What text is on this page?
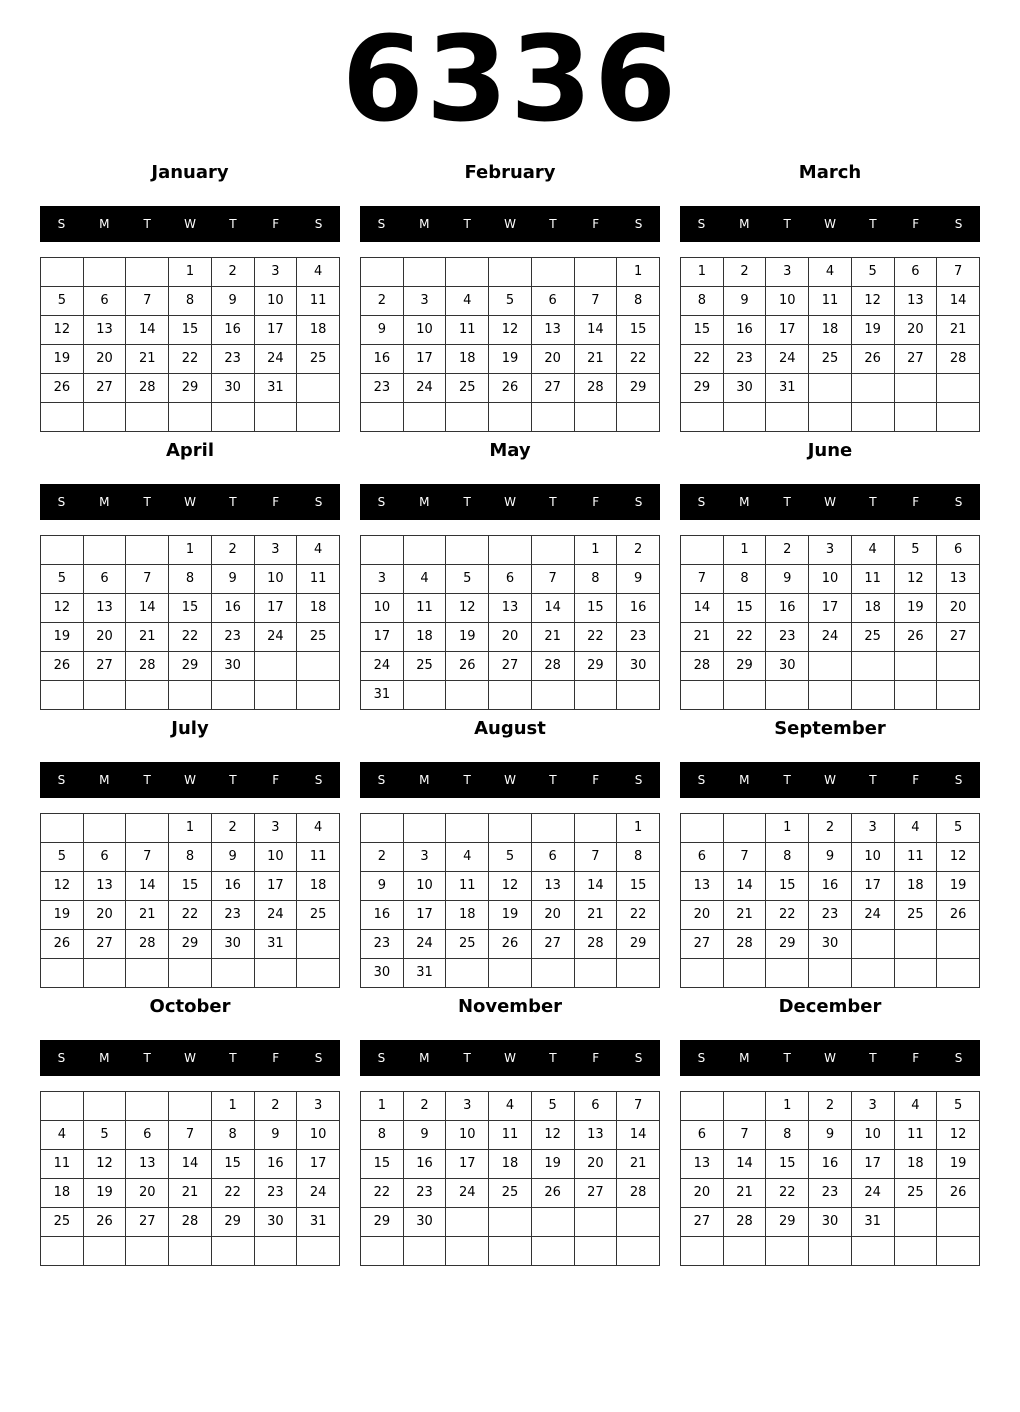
6336
January
S	M	T	W	T	F	S
			1	2	3	4
5	6	7	8	9	10	11
12	13	14	15	16	17	18
19	20	21	22	23	24	25
26	27	28	29	30	31	

February
S	M	T	W	T	F	S
						1
2	3	4	5	6	7	8
9	10	11	12	13	14	15
16	17	18	19	20	21	22
23	24	25	26	27	28	29

March
S	M	T	W	T	F	S
1	2	3	4	5	6	7
8	9	10	11	12	13	14
15	16	17	18	19	20	21
22	23	24	25	26	27	28
29	30	31				

April
S	M	T	W	T	F	S
			1	2	3	4
5	6	7	8	9	10	11
12	13	14	15	16	17	18
19	20	21	22	23	24	25
26	27	28	29	30		

May
S	M	T	W	T	F	S
					1	2
3	4	5	6	7	8	9
10	11	12	13	14	15	16
17	18	19	20	21	22	23
24	25	26	27	28	29	30
31						
June
S	M	T	W	T	F	S
	1	2	3	4	5	6
7	8	9	10	11	12	13
14	15	16	17	18	19	20
21	22	23	24	25	26	27
28	29	30				

July
S	M	T	W	T	F	S
			1	2	3	4
5	6	7	8	9	10	11
12	13	14	15	16	17	18
19	20	21	22	23	24	25
26	27	28	29	30	31	

August
S	M	T	W	T	F	S
						1
2	3	4	5	6	7	8
9	10	11	12	13	14	15
16	17	18	19	20	21	22
23	24	25	26	27	28	29
30	31					
September
S	M	T	W	T	F	S
		1	2	3	4	5
6	7	8	9	10	11	12
13	14	15	16	17	18	19
20	21	22	23	24	25	26
27	28	29	30			

October
S	M	T	W	T	F	S
				1	2	3
4	5	6	7	8	9	10
11	12	13	14	15	16	17
18	19	20	21	22	23	24
25	26	27	28	29	30	31

November
S	M	T	W	T	F	S
1	2	3	4	5	6	7
8	9	10	11	12	13	14
15	16	17	18	19	20	21
22	23	24	25	26	27	28
29	30					

December
S	M	T	W	T	F	S
		1	2	3	4	5
6	7	8	9	10	11	12
13	14	15	16	17	18	19
20	21	22	23	24	25	26
27	28	29	30	31		
